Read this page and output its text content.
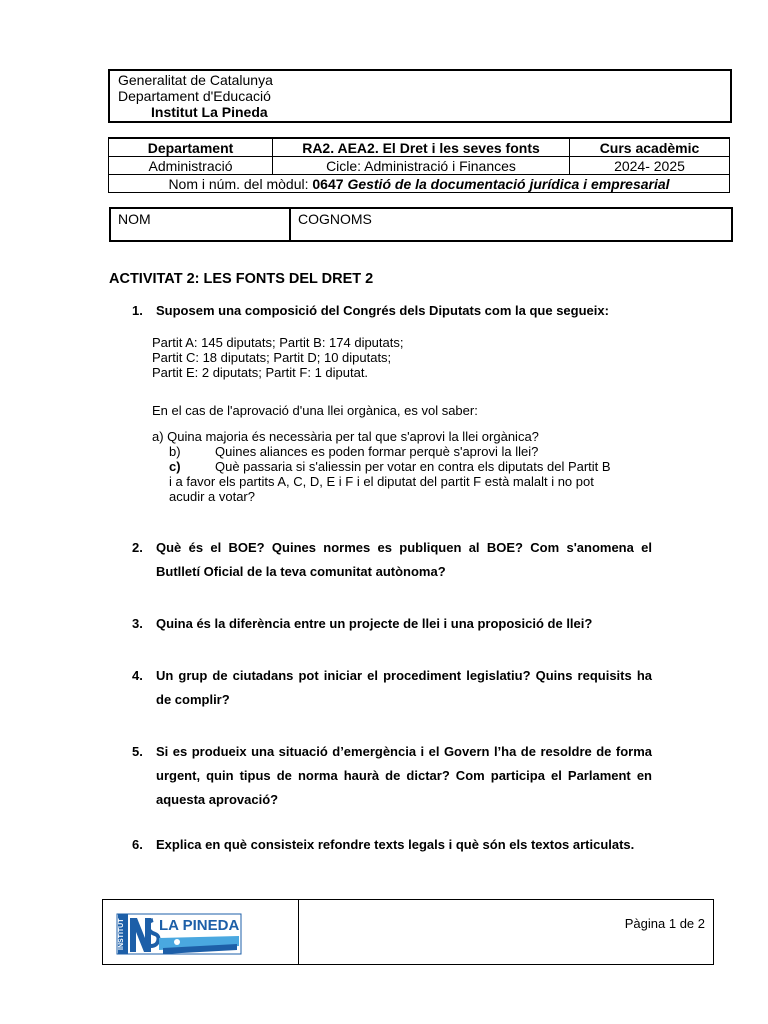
Generalitat de Catalunya
Departament d'Educació
Institut La Pineda
Departament	RA2. AEA2. El Dret i les seves fonts	Curs acadèmic
Administració	Cicle: Administració i Finances	2024- 2025
Nom i núm. del mòdul: 0647 Gestió de la documentació jurídica i empresarial		
NOM	COGNOMS
ACTIVITAT 2: LES FONTS DEL DRET 2
1. Suposem una composició del Congrés dels Diputats com la que segueix:
Partit A: 145 diputats; Partit B: 174 diputats;
Partit C: 18 diputats; Partit D; 10 diputats;
Partit E: 2 diputats; Partit F: 1 diputat.
En el cas de l'aprovació d'una llei orgànica, es vol saber:
a) Quina majoria és necessària per tal que s'aprovi la llei orgànica?
b)	Quines aliances es poden formar perquè s'aprovi la llei?
c)	Què passaria si s'aliessin per votar en contra els diputats del Partit B
i a favor els partits A, C, D, E i F i el diputat del partit F està malalt i no pot
acudir a votar?
2. Què és el BOE? Quines normes es publiquen al BOE? Com s'anomena el Butlletí Oficial de la teva comunitat autònoma?
3. Quina és la diferència entre un projecte de llei i una proposició de llei?
4. Un grup de ciutadans pot iniciar el procediment legislatiu? Quins requisits ha de complir?
5. Si es produeix una situació d’emergència i el Govern l’ha de resoldre de forma urgent, quin tipus de norma haurà de dictar? Com participa el Parlament en aquesta aprovació?
6. Explica en què consisteix refondre texts legals i què són els textos articulats.
INSTITUT LA PINEDA	Pàgina 1 de 2
